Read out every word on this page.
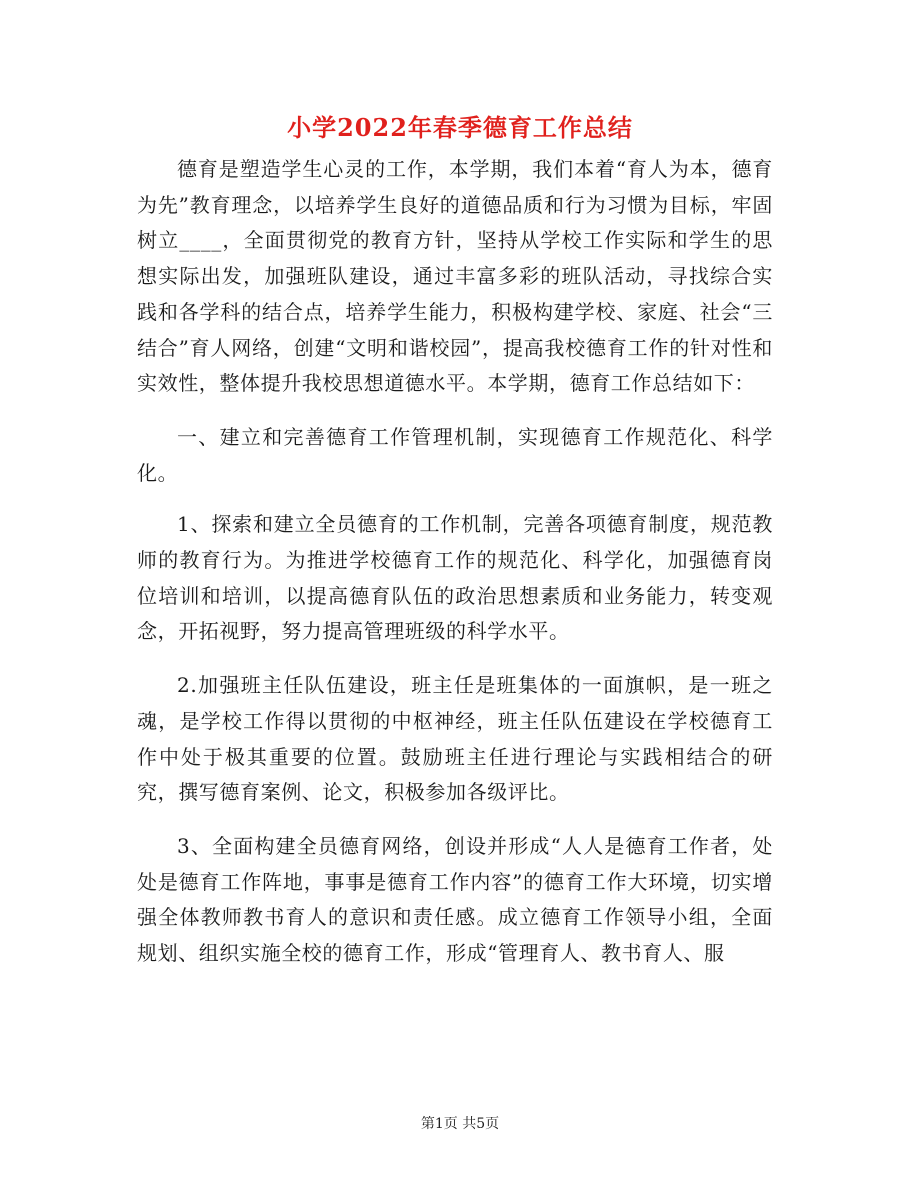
小学2022年春季德育工作总结

德育是塑造学生心灵的工作，本学期，我们本着“育人为本，德育为先”教育理念，以培养学生良好的道德品质和行为习惯为目标，牢固树立____，全面贯彻党的教育方针，坚持从学校工作实际和学生的思想实际出发，加强班队建设，通过丰富多彩的班队活动，寻找综合实践和各学科的结合点，培养学生能力，积极构建学校、家庭、社会“三结合”育人网络，创建“文明和谐校园”，提高我校德育工作的针对性和实效性，整体提升我校思想道德水平。本学期，德育工作总结如下：

一、建立和完善德育工作管理机制，实现德育工作规范化、科学化。

1、探索和建立全员德育的工作机制，完善各项德育制度，规范教师的教育行为。为推进学校德育工作的规范化、科学化，加强德育岗位培训和培训，以提高德育队伍的政治思想素质和业务能力，转变观念，开拓视野，努力提高管理班级的科学水平。

2.加强班主任队伍建设，班主任是班集体的一面旗帜，是一班之魂，是学校工作得以贯彻的中枢神经，班主任队伍建设在学校德育工作中处于极其重要的位置。鼓励班主任进行理论与实践相结合的研究，撰写德育案例、论文，积极参加各级评比。

3、全面构建全员德育网络，创设并形成“人人是德育工作者，处处是德育工作阵地，事事是德育工作内容”的德育工作大环境，切实增强全体教师教书育人的意识和责任感。成立德育工作领导小组，全面规划、组织实施全校的德育工作，形成“管理育人、教书育人、服

第1页 共5页
